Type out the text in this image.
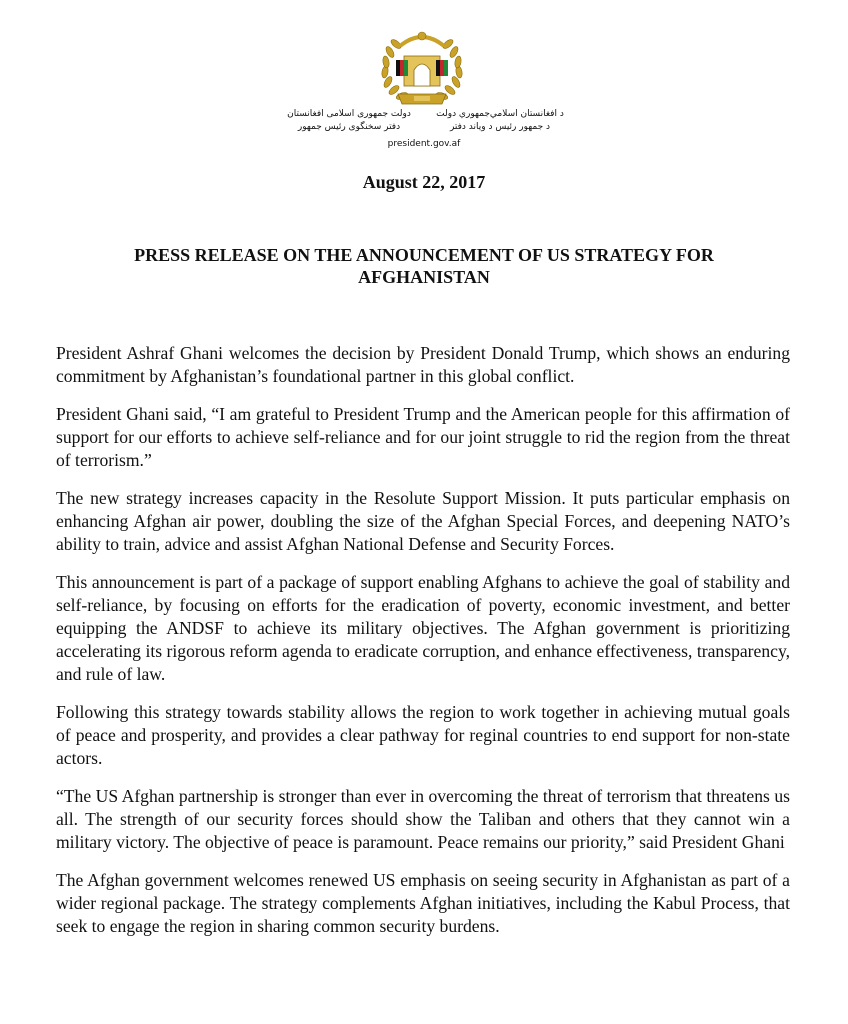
دولت جمهوری اسلامی افغانستان
دفتر سخنگوی رئیس جمهور
د افغانستان اسلامي‌جمهوري دولت
د جمهور رئیس د ویاند دفتر
president.gov.af
August 22, 2017
PRESS RELEASE ON THE ANNOUNCEMENT OF US STRATEGY FOR AFGHANISTAN

President Ashraf Ghani welcomes the decision by President Donald Trump, which shows an enduring commitment by Afghanistan’s foundational partner in this global conflict.

President Ghani said, “I am grateful to President Trump and the American people for this affirmation of support for our efforts to achieve self-reliance and for our joint struggle to rid the region from the threat of terrorism.”

The new strategy increases capacity in the Resolute Support Mission. It puts particular emphasis on enhancing Afghan air power, doubling the size of the Afghan Special Forces, and deepening NATO’s ability to train, advice and assist Afghan National Defense and Security Forces.

This announcement is part of a package of support enabling Afghans to achieve the goal of stability and self-reliance, by focusing on efforts for the eradication of poverty, economic investment, and better equipping the ANDSF to achieve its military objectives. The Afghan government is prioritizing accelerating its rigorous reform agenda to eradicate corruption, and enhance effectiveness, transparency, and rule of law.

Following this strategy towards stability allows the region to work together in achieving mutual goals of peace and prosperity, and provides a clear pathway for reginal countries to end support for non-state actors.

“The US Afghan partnership is stronger than ever in overcoming the threat of terrorism that threatens us all. The strength of our security forces should show the Taliban and others that they cannot win a military victory. The objective of peace is paramount. Peace remains our priority,” said President Ghani

The Afghan government welcomes renewed US emphasis on seeing security in Afghanistan as part of a wider regional package. The strategy complements Afghan initiatives, including the Kabul Process, that seek to engage the region in sharing common security burdens.
